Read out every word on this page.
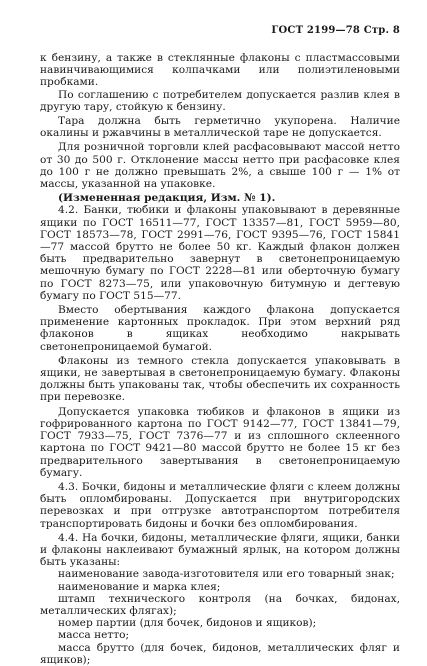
ГОСТ 2199—78 Стр. 8

к бензину, а также в стеклянные флаконы с пластмассовыми навинчивающимися колпачками или полиэтиленовыми пробками.

По соглашению с потребителем допускается разлив клея в другую тару, стойкую к бензину.

Тара должна быть герметично укупорена. Наличие окалины и ржавчины в металлической таре не допускается.

Для розничной торговли клей расфасовывают массой нетто от 30 до 500 г. Отклонение массы нетто при расфасовке клея до 100 г не должно превышать 2%, а свыше 100 г — 1% от массы, указанной на упаковке.

(Измененная редакция, Изм. № 1).

4.2. Банки, тюбики и флаконы упаковывают в деревянные ящики по ГОСТ 16511—77, ГОСТ 13357—81, ГОСТ 5959—80, ГОСТ 18573—78, ГОСТ 2991—76, ГОСТ 9395—76, ГОСТ 15841—77 массой брутто не более 50 кг. Каждый флакон должен быть предварительно завернут в светонепроницаемую мешочную бумагу по ГОСТ 2228—81 или оберточную бумагу по ГОСТ 8273—75, или упаковочную битумную и дегтевую бумагу по ГОСТ 515—77.

Вместо обертывания каждого флакона допускается применение картонных прокладок. При этом верхний ряд флаконов в ящиках необходимо накрывать светонепроницаемой бумагой.

Флаконы из темного стекла допускается упаковывать в ящики, не завертывая в светонепроницаемую бумагу. Флаконы должны быть упакованы так, чтобы обеспечить их сохранность при перевозке.

Допускается упаковка тюбиков и флаконов в ящики из гофрированного картона по ГОСТ 9142—77, ГОСТ 13841—79, ГОСТ 7933—75, ГОСТ 7376—77 и из сплошного склеенного картона по ГОСТ 9421—80 массой брутто не более 15 кг без предварительного завертывания в светонепроницаемую бумагу.

4.3. Бочки, бидоны и металлические фляги с клеем должны быть опломбированы. Допускается при внутригородских перевозках и при отгрузке автотранспортом потребителя транспортировать бидоны и бочки без опломбирования.

4.4. На бочки, бидоны, металлические фляги, ящики, банки и флаконы наклеивают бумажный ярлык, на котором должны быть указаны:

наименование завода-изготовителя или его товарный знак;

наименование и марка клея;

штамп технического контроля (на бочках, бидонах, металлических флягах);

номер партии (для бочек, бидонов и ящиков);

масса нетто;

масса брутто (для бочек, бидонов, металлических фляг и ящиков);
